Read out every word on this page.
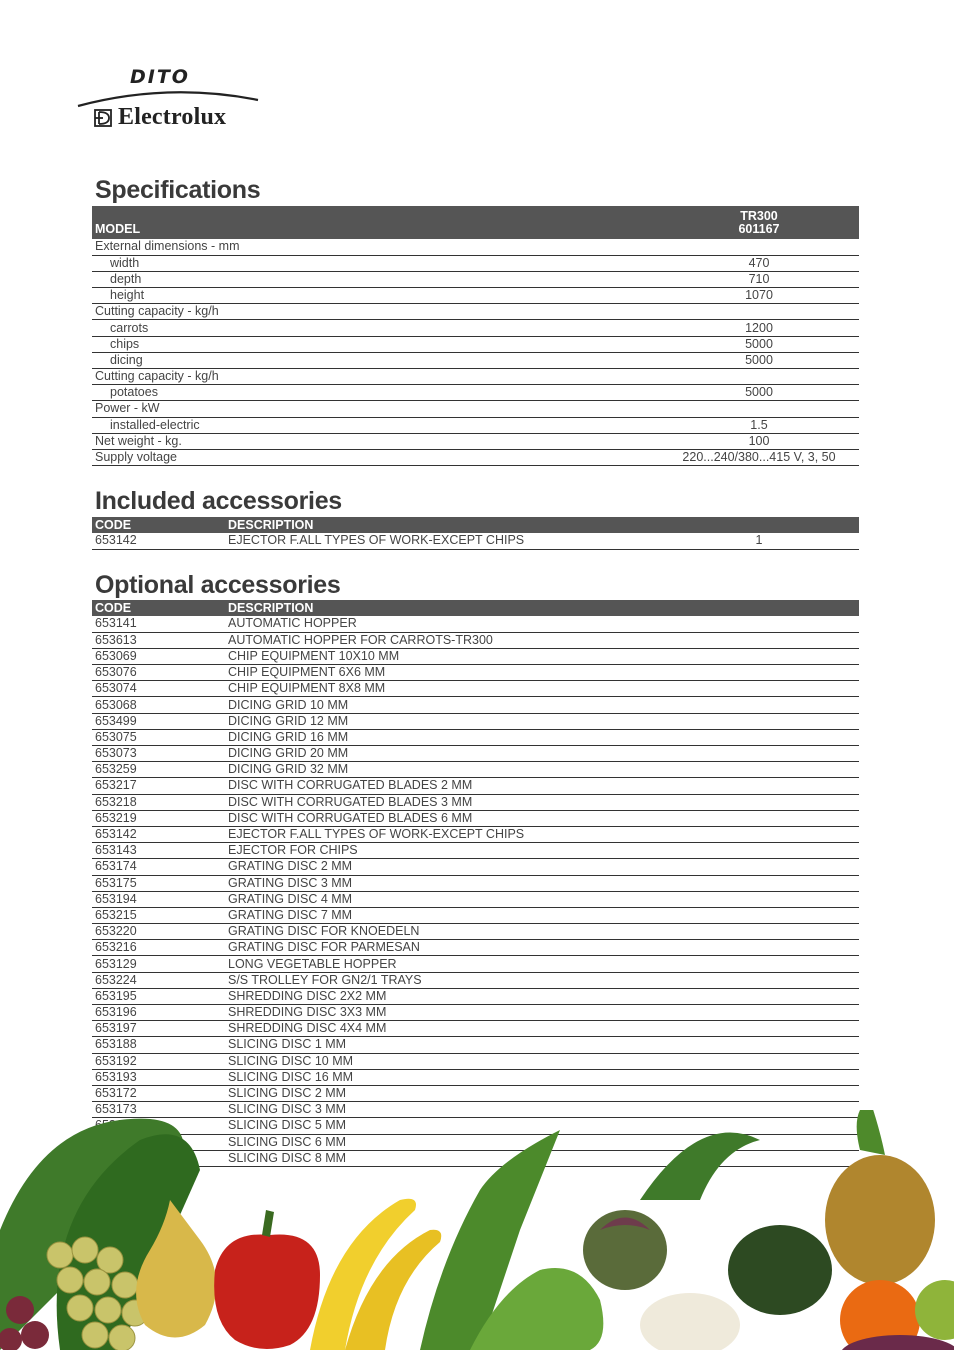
DITO
Electrolux
Specifications
MODEL	TR300
601167

External dimensions - mm	
width	470
depth	710
height	1070
Cutting capacity - kg/h	
carrots	1200
chips	5000
dicing	5000
Cutting capacity - kg/h	
potatoes	5000
Power - kW	
installed-electric	1.5
Net weight - kg.	100
Supply voltage	220...240/380...415 V, 3, 50
Included accessories
CODE	DESCRIPTION	
653142	EJECTOR F.ALL TYPES OF WORK-EXCEPT CHIPS	1
Optional accessories
CODE	DESCRIPTION
653141	AUTOMATIC HOPPER
653613	AUTOMATIC HOPPER FOR CARROTS-TR300
653069	CHIP EQUIPMENT 10X10 MM
653076	CHIP EQUIPMENT 6X6 MM
653074	CHIP EQUIPMENT 8X8 MM
653068	DICING GRID 10 MM
653499	DICING GRID 12 MM
653075	DICING GRID 16 MM
653073	DICING GRID 20 MM
653259	DICING GRID 32 MM
653217	DISC WITH CORRUGATED BLADES 2 MM
653218	DISC WITH CORRUGATED BLADES 3 MM
653219	DISC WITH CORRUGATED BLADES 6 MM
653142	EJECTOR F.ALL TYPES OF WORK-EXCEPT CHIPS
653143	EJECTOR FOR CHIPS
653174	GRATING DISC 2 MM
653175	GRATING DISC 3 MM
653194	GRATING DISC 4 MM
653215	GRATING DISC 7 MM
653220	GRATING DISC FOR KNOEDELN
653216	GRATING DISC FOR PARMESAN
653129	LONG VEGETABLE HOPPER
653224	S/S TROLLEY FOR GN2/1 TRAYS
653195	SHREDDING DISC 2X2 MM
653196	SHREDDING DISC 3X3 MM
653197	SHREDDING DISC 4X4 MM
653188	SLICING DISC 1 MM
653192	SLICING DISC 10 MM
653193	SLICING DISC 16 MM
653172	SLICING DISC 2 MM
653173	SLICING DISC 3 MM
	SLICING DISC 5 MM
	SLICING DISC 6 MM
	SLICING DISC 8 MM
